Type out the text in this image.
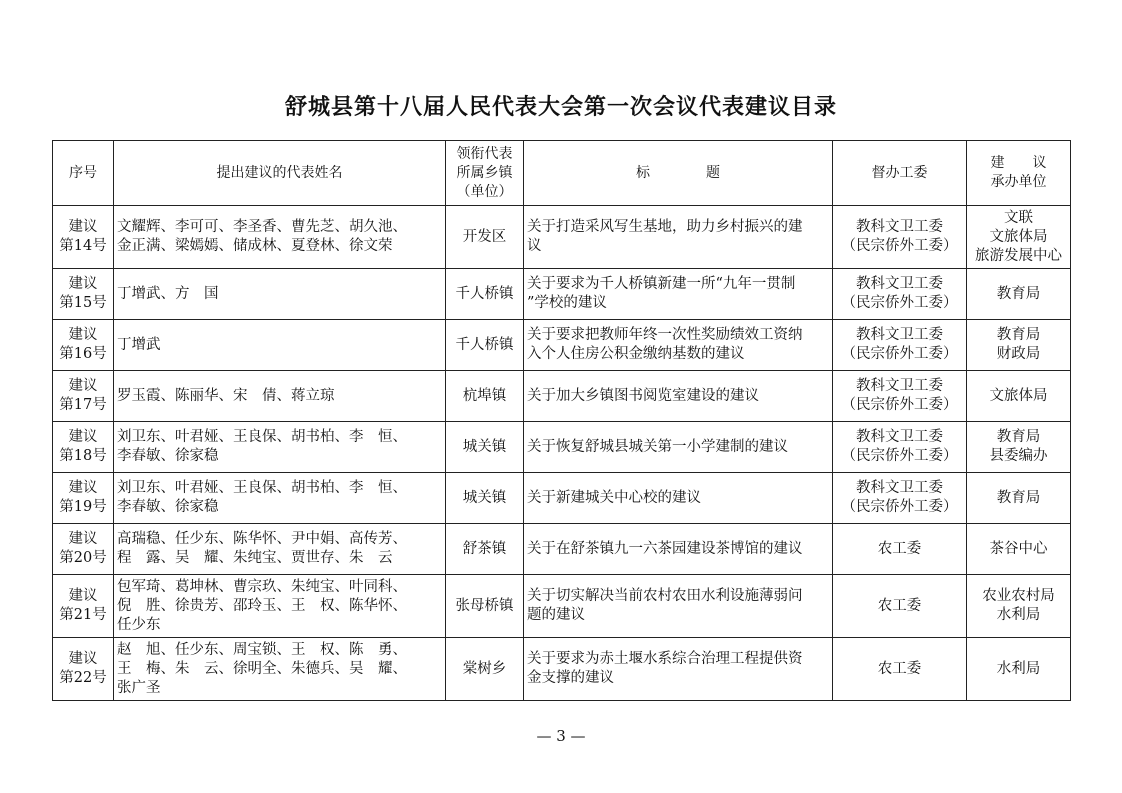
舒城县第十八届人民代表大会第一次会议代表建议目录
序号	提出建议的代表姓名	领衔代表
所属乡镇
（单位）	标　　　　题	督办工委	建　　议
承办单位

建议
第14号	文耀辉、李可可、李圣香、曹先芝、胡久池、
金正满、梁嫣嫣、储成林、夏登林、徐文荣	开发区	关于打造采风写生基地，助力乡村振兴的建
议	教科文卫工委
（民宗侨外工委）	文联
文旅体局
旅游发展中心

建议
第15号	丁增武、方　国	千人桥镇	关于要求为千人桥镇新建一所“九年一贯制
”学校的建议	教科文卫工委
（民宗侨外工委）	教育局

建议
第16号	丁增武	千人桥镇	关于要求把教师年终一次性奖励绩效工资纳
入个人住房公积金缴纳基数的建议	教科文卫工委
（民宗侨外工委）	教育局
财政局

建议
第17号	罗玉霞、陈丽华、宋　倩、蒋立琼	杭埠镇	关于加大乡镇图书阅览室建设的建议	教科文卫工委
（民宗侨外工委）	文旅体局

建议
第18号	刘卫东、叶君娅、王良保、胡书柏、李　恒、
李春敏、徐家稳	城关镇	关于恢复舒城县城关第一小学建制的建议	教科文卫工委
（民宗侨外工委）	教育局
县委编办

建议
第19号	刘卫东、叶君娅、王良保、胡书柏、李　恒、
李春敏、徐家稳	城关镇	关于新建城关中心校的建议	教科文卫工委
（民宗侨外工委）	教育局

建议
第20号	高瑞稳、任少东、陈华怀、尹中娟、高传芳、
程　露、吴　耀、朱纯宝、贾世存、朱　云	舒茶镇	关于在舒茶镇九一六茶园建设茶博馆的建议	农工委	茶谷中心

建议
第21号	包军琦、葛坤林、曹宗玖、朱纯宝、叶同科、
倪　胜、徐贵芳、邵玲玉、王　权、陈华怀、
任少东	张母桥镇	关于切实解决当前农村农田水利设施薄弱问
题的建议	农工委	农业农村局
水利局

建议
第22号	赵　旭、任少东、周宝锁、王　权、陈　勇、
王　梅、朱　云、徐明全、朱德兵、吴　耀、
张广圣	棠树乡	关于要求为赤土堰水系综合治理工程提供资
金支撑的建议	农工委	水利局
— 3 —
